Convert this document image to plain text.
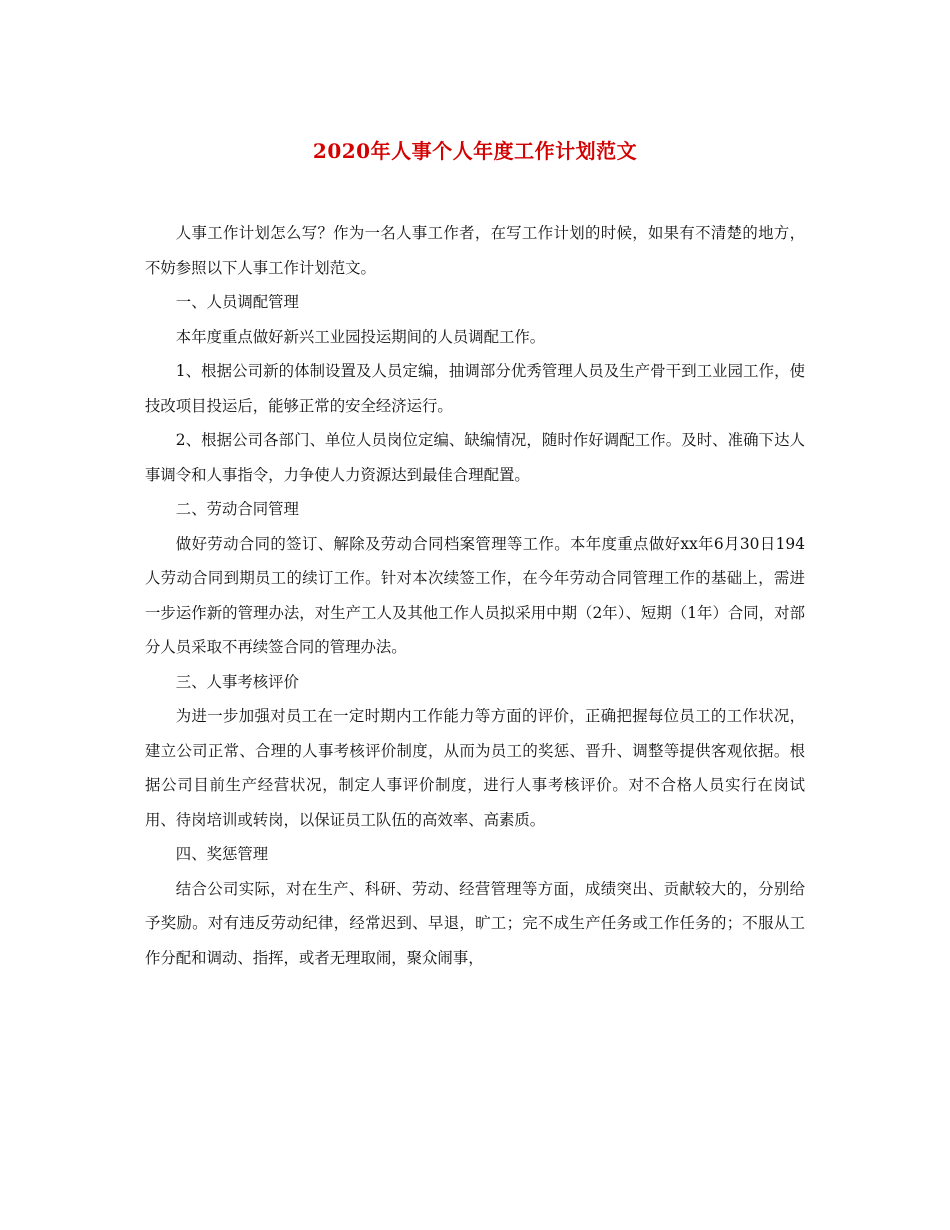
2020年人事个人年度工作计划范文

人事工作计划怎么写？作为一名人事工作者，在写工作计划的时候，如果有不清楚的地方，不妨参照以下人事工作计划范文。

一、人员调配管理

本年度重点做好新兴工业园投运期间的人员调配工作。

1、根据公司新的体制设置及人员定编，抽调部分优秀管理人员及生产骨干到工业园工作，使技改项目投运后，能够正常的安全经济运行。

2、根据公司各部门、单位人员岗位定编、缺编情况，随时作好调配工作。及时、准确下达人事调令和人事指令，力争使人力资源达到最佳合理配置。

二、劳动合同管理

做好劳动合同的签订、解除及劳动合同档案管理等工作。本年度重点做好xx年6月30日194人劳动合同到期员工的续订工作。针对本次续签工作，在今年劳动合同管理工作的基础上，需进一步运作新的管理办法，对生产工人及其他工作人员拟采用中期（2年）、短期（1年）合同，对部分人员采取不再续签合同的管理办法。

三、人事考核评价

为进一步加强对员工在一定时期内工作能力等方面的评价，正确把握每位员工的工作状况，建立公司正常、合理的人事考核评价制度，从而为员工的奖惩、晋升、调整等提供客观依据。根据公司目前生产经营状况，制定人事评价制度，进行人事考核评价。对不合格人员实行在岗试用、待岗培训或转岗，以保证员工队伍的高效率、高素质。

四、奖惩管理

结合公司实际，对在生产、科研、劳动、经营管理等方面，成绩突出、贡献较大的，分别给予奖励。对有违反劳动纪律，经常迟到、早退，旷工；完不成生产任务或工作任务的；不服从工作分配和调动、指挥，或者无理取闹，聚众闹事，
